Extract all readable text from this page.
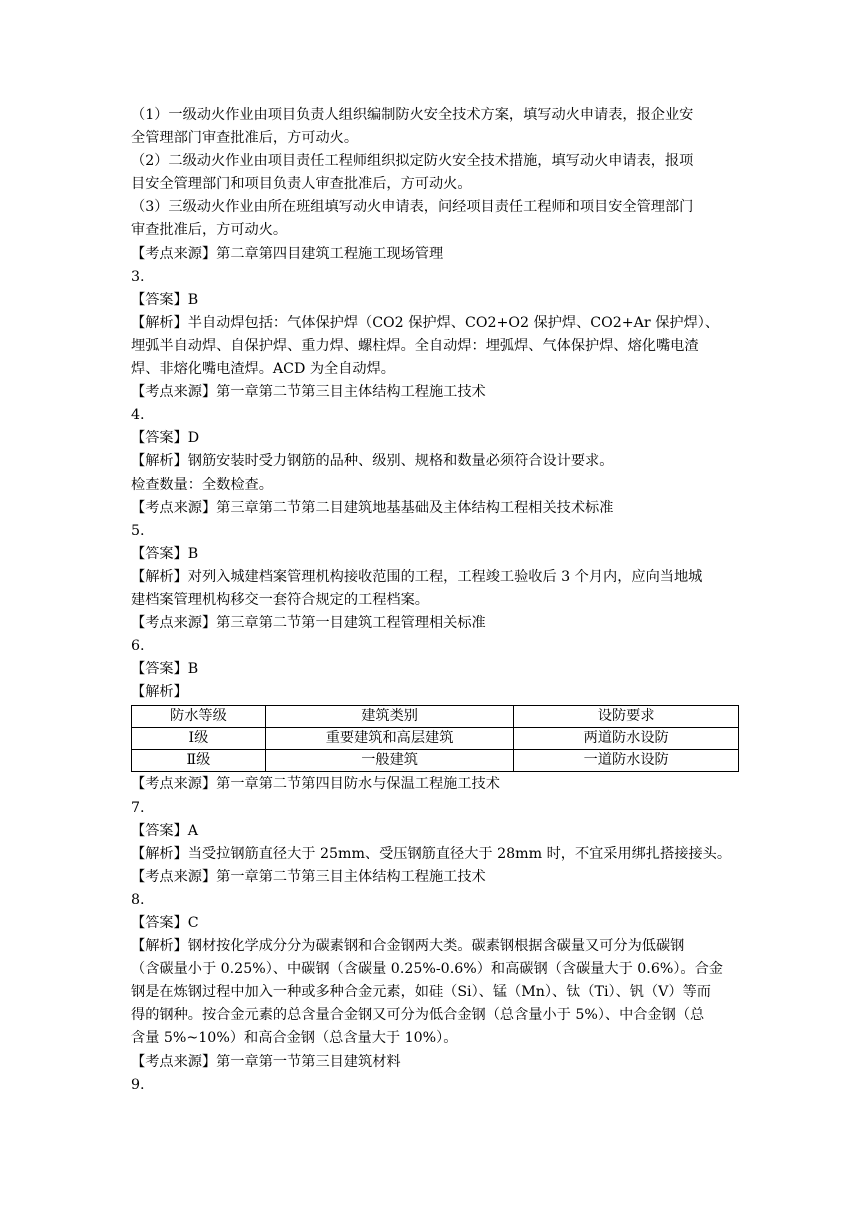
（1）一级动火作业由项目负责人组织编制防火安全技术方案，填写动火申请表，报企业安
全管理部门审查批准后，方可动火。
（2）二级动火作业由项目责任工程师组织拟定防火安全技术措施，填写动火申请表，报项
目安全管理部门和项目负责人审查批准后，方可动火。
（3）三级动火作业由所在班组填写动火申请表，问经项目责任工程师和项目安全管理部门
审查批准后，方可动火。
【考点来源】第二章第四目建筑工程施工现场管理
3.
【答案】B
【解析】半自动焊包括：气体保护焊（CO2 保护焊、CO2+O2 保护焊、CO2+Ar 保护焊）、
埋弧半自动焊、自保护焊、重力焊、螺柱焊。全自动焊：埋弧焊、气体保护焊、熔化嘴电渣
焊、非熔化嘴电渣焊。ACD 为全自动焊。
【考点来源】第一章第二节第三目主体结构工程施工技术
4.
【答案】D
【解析】钢筋安装时受力钢筋的品种、级别、规格和数量必须符合设计要求。
检查数量：全数检查。
【考点来源】第三章第二节第二目建筑地基基础及主体结构工程相关技术标准
5.
【答案】B
【解析】对列入城建档案管理机构接收范围的工程，工程竣工验收后 3 个月内，应向当地城
建档案管理机构移交一套符合规定的工程档案。
【考点来源】第三章第二节第一目建筑工程管理相关标准
6.
【答案】B
【解析】
防水等级	建筑类别	设防要求
Ⅰ级	重要建筑和高层建筑	两道防水设防
Ⅱ级	一般建筑	一道防水设防
【考点来源】第一章第二节第四目防水与保温工程施工技术
7.
【答案】A
【解析】当受拉钢筋直径大于 25mm、受压钢筋直径大于 28mm 时，不宜采用绑扎搭接接头。
【考点来源】第一章第二节第三目主体结构工程施工技术
8.
【答案】C
【解析】钢材按化学成分分为碳素钢和合金钢两大类。碳素钢根据含碳量又可分为低碳钢
（含碳量小于 0.25%）、中碳钢（含碳量 0.25%-0.6%）和高碳钢（含碳量大于 0.6%）。合金
钢是在炼钢过程中加入一种或多种合金元素，如硅（Si）、锰（Mn）、钛（Ti）、钒（V）等而
得的钢种。按合金元素的总含量合金钢又可分为低合金钢（总含量小于 5%）、中合金钢（总
含量 5%~10%）和高合金钢（总含量大于 10%）。
【考点来源】第一章第一节第三目建筑材料
9.
